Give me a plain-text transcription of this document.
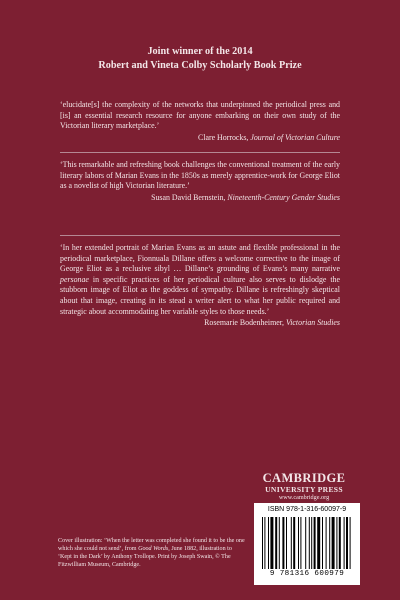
Joint winner of the 2014
Robert and Vineta Colby Scholarly Book Prize

‘elucidate[s] the complexity of the networks that underpinned the periodical press and [is] an essential research resource for anyone embarking on their own study of the Victorian literary marketplace.’

Clare Horrocks, Journal of Victorian Culture

‘This remarkable and refreshing book challenges the conventional treatment of the early literary labors of Marian Evans in the 1850s as merely apprentice-work for George Eliot as a novelist of high Victorian literature.’

Susan David Bernstein, Nineteenth-Century Gender Studies

‘In her extended portrait of Marian Evans as an astute and flexible professional in the periodical marketplace, Fionnuala Dillane offers a welcome corrective to the image of George Eliot as a reclusive sibyl … Dillane’s grounding of Evans’s many narrative personae in specific practices of her periodical culture also serves to dislodge the stubborn image of Eliot as the goddess of sympathy. Dillane is refreshingly skeptical about that image, creating in its stead a writer alert to what her public required and strategic about accommodating her variable styles to those needs.’

Rosemarie Bodenheimer, Victorian Studies
CAMBRIDGE
UNIVERSITY PRESS
www.cambridge.org
Cover illustration: ‘When the letter was completed she found it to be the one which she could not send’, from Good Words, June 1882, illustration to ‘Kept in the Dark’ by Anthony Trollope. Print by Joseph Swain, © The Fitzwilliam Museum, Cambridge.
ISBN 978-1-316-60097-9
9 781316 600979
